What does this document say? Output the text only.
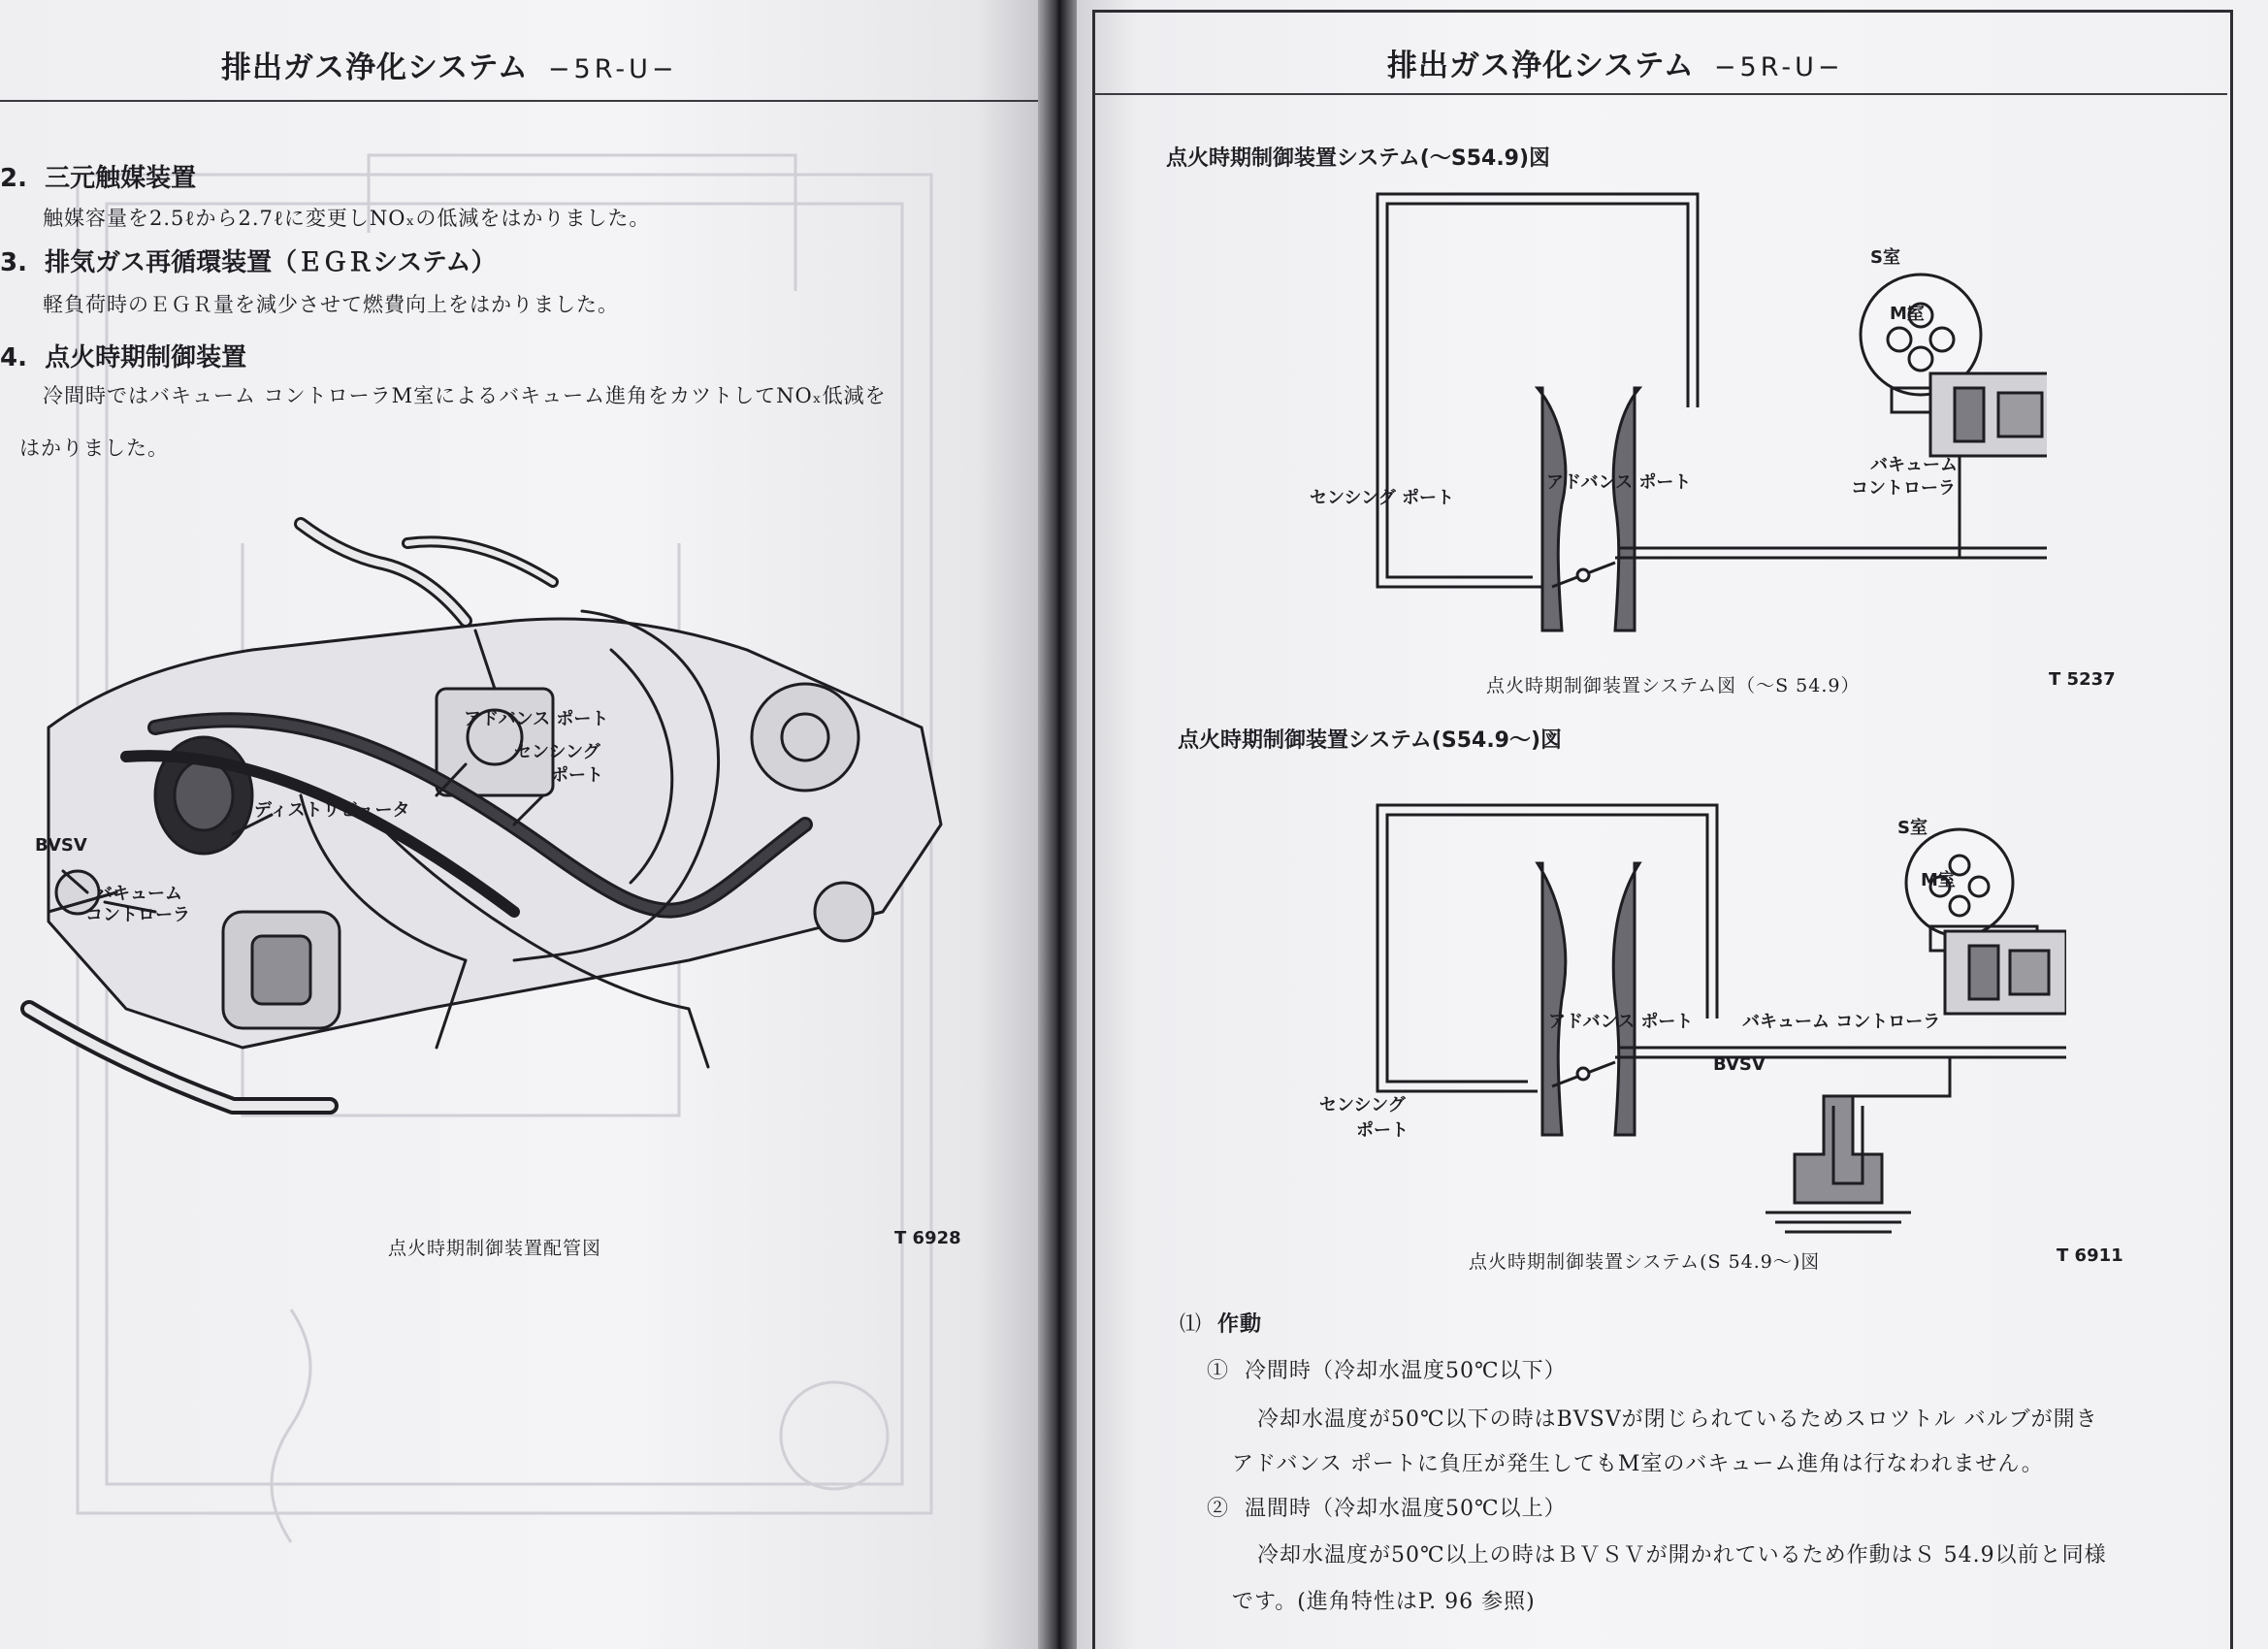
排出ガス浄化システム −5R-U−
2. 三元触媒装置
触媒容量を2.5ℓから2.7ℓに変更しNOₓの低減をはかりました。
3. 排気ガス再循環装置（ＥＧＲシステム）
軽負荷時のＥＧＲ量を減少させて燃費向上をはかりました。
4. 点火時期制御装置
冷間時ではバキューム コントローラM室によるバキューム進角をカツトしてNOₓ低減を
はかりました。
アドバンス ポート
センシング
ポート
ディストリビュータ
BVSV
バキューム
コントローラ
点火時期制御装置配管図	T 6928
排出ガス浄化システム −5R-U−
点火時期制御装置システム(～S54.9)図
S室
M室
アドバンス ポート
センシング ポート
バキューム
コントローラ
点火時期制御装置システム図（～S 54.9）	T 5237
点火時期制御装置システム(S54.9～)図
S室
M室
アドバンス ポート	バキューム コントローラ
BVSV
センシング
ポート
点火時期制御装置システム(S 54.9～)図	T 6911
⑴ 作動
① 冷間時（冷却水温度50℃以下）
冷却水温度が50℃以下の時はBVSVが閉じられているためスロツトル バルブが開き
アドバンス ポートに負圧が発生してもM室のバキューム進角は行なわれません。
② 温間時（冷却水温度50℃以上）
冷却水温度が50℃以上の時はＢＶＳＶが開かれているため作動はＳ 54.9以前と同様
です。(進角特性はP. 96 参照)
